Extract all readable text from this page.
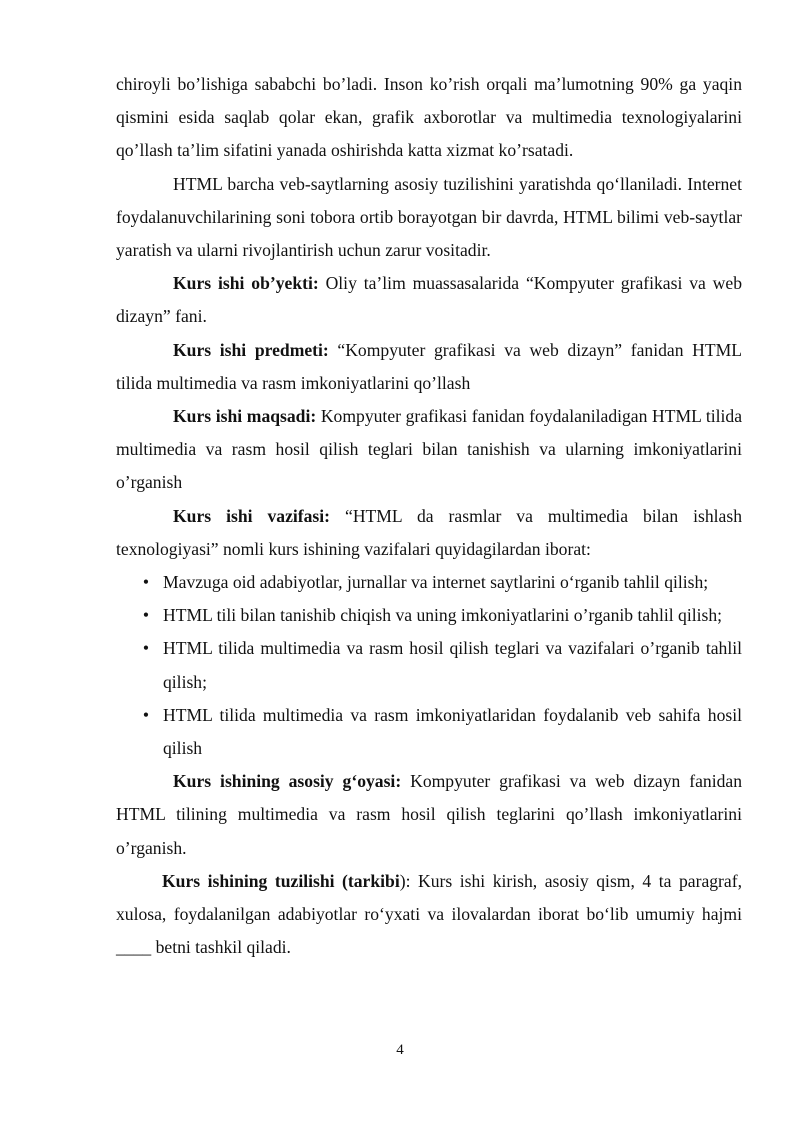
chiroyli bo’lishiga sababchi bo’ladi. Inson ko’rish orqali ma’lumotning 90% ga yaqin qismini esida saqlab qolar ekan, grafik axborotlar va multimedia texnologiyalarini qo’llash ta’lim sifatini yanada oshirishda katta xizmat ko’rsatadi.

HTML barcha veb-saytlarning asosiy tuzilishini yaratishda qo‘llaniladi. Internet foydalanuvchilarining soni tobora ortib borayotgan bir davrda, HTML bilimi veb-saytlar yaratish va ularni rivojlantirish uchun zarur vositadir.

Kurs ishi ob’yekti: Oliy ta’lim muassasalarida “Kompyuter grafikasi va web dizayn” fani.

Kurs ishi predmeti: “Kompyuter grafikasi va web dizayn” fanidan HTML tilida multimedia va rasm imkoniyatlarini qo’llash

Kurs ishi maqsadi: Kompyuter grafikasi fanidan foydalaniladigan HTML tilida multimedia va rasm hosil qilish teglari bilan tanishish va ularning imkoniyatlarini o’rganish

Kurs ishi vazifasi: “HTML da rasmlar va multimedia bilan ishlash texnologiyasi” nomli kurs ishining vazifalari quyidagilardan iborat:

• Mavzuga oid adabiyotlar, jurnallar va internet saytlarini o‘rganib tahlil qilish;
• HTML tili bilan tanishib chiqish va uning imkoniyatlarini o’rganib tahlil qilish;
• HTML tilida multimedia va rasm hosil qilish teglari va vazifalari o’rganib tahlil qilish;
• HTML tilida multimedia va rasm imkoniyatlaridan foydalanib veb sahifa hosil qilish

Kurs ishining asosiy g‘oyasi: Kompyuter grafikasi va web dizayn fanidan HTML tilining multimedia va rasm hosil qilish teglarini qo’llash imkoniyatlarini o’rganish.

Kurs ishining tuzilishi (tarkibi): Kurs ishi kirish, asosiy qism, 4 ta paragraf, xulosa, foydalanilgan adabiyotlar ro‘yxati va ilovalardan iborat bo‘lib umumiy hajmi ____ betni tashkil qiladi.

4
